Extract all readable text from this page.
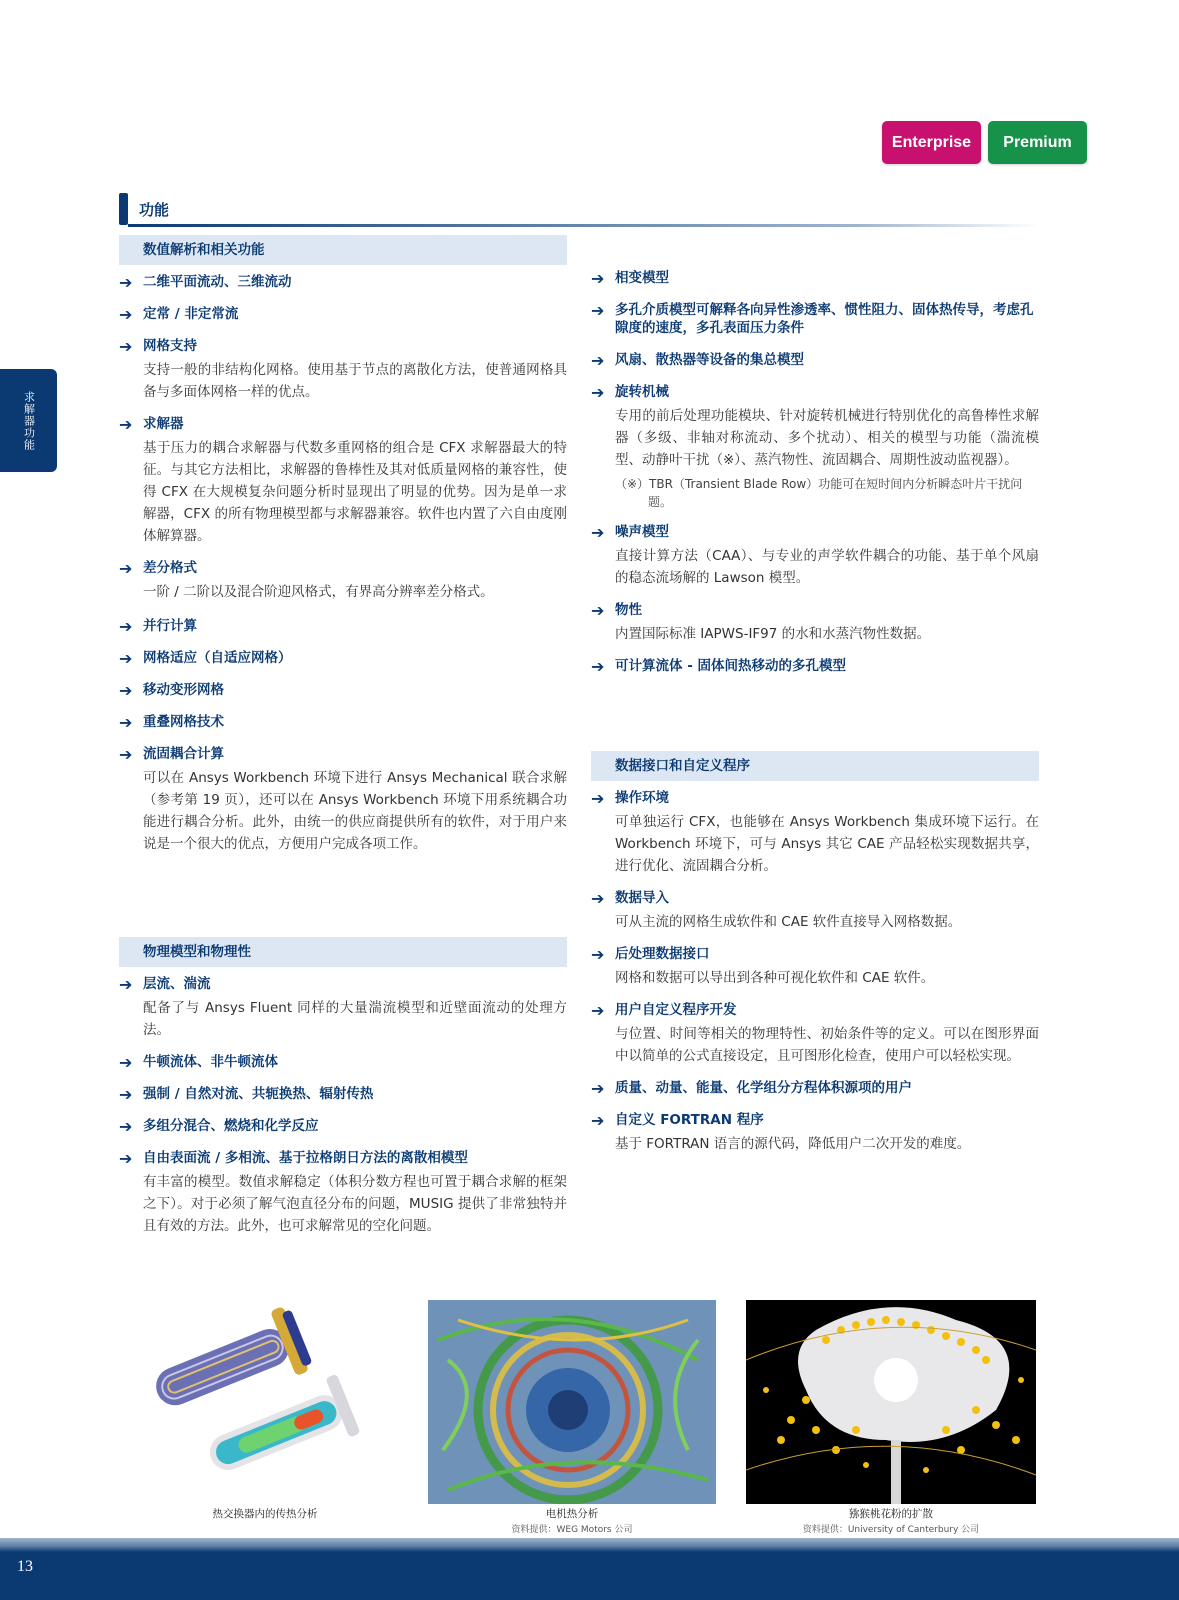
Enterprise	Premium
功能
求解器功能
数值解析和相关功能
➔ 二维平面流动、三维流动
➔ 定常 / 非定常流
➔ 网格支持
支持一般的非结构化网格。使用基于节点的离散化方法，使普通网格具备与多面体网格一样的优点。
➔ 求解器
基于压力的耦合求解器与代数多重网格的组合是 CFX 求解器最大的特征。与其它方法相比，求解器的鲁棒性及其对低质量网格的兼容性，使得 CFX 在大规模复杂问题分析时显现出了明显的优势。因为是单一求解器，CFX 的所有物理模型都与求解器兼容。软件也内置了六自由度刚体解算器。
➔ 差分格式
一阶 / 二阶以及混合阶迎风格式，有界高分辨率差分格式。
➔ 并行计算
➔ 网格适应（自适应网格）
➔ 移动变形网格
➔ 重叠网格技术
➔ 流固耦合计算
可以在 Ansys Workbench 环境下进行 Ansys Mechanical 联合求解（参考第 19 页），还可以在 Ansys Workbench 环境下用系统耦合功能进行耦合分析。此外，由统一的供应商提供所有的软件，对于用户来说是一个很大的优点，方便用户完成各项工作。
物理模型和物理性
➔ 层流、湍流
配备了与 Ansys Fluent 同样的大量湍流模型和近壁面流动的处理方法。
➔ 牛顿流体、非牛顿流体
➔ 强制 / 自然对流、共轭换热、辐射传热
➔ 多组分混合、燃烧和化学反应
➔ 自由表面流 / 多相流、基于拉格朗日方法的离散相模型
有丰富的模型。数值求解稳定（体积分数方程也可置于耦合求解的框架之下）。对于必须了解气泡直径分布的问题，MUSIG 提供了非常独特并且有效的方法。此外，也可求解常见的空化问题。
➔ 相变模型
➔ 多孔介质模型可解释各向异性渗透率、惯性阻力、固体热传导，考虑孔隙度的速度，多孔表面压力条件
➔ 风扇、散热器等设备的集总模型
➔ 旋转机械
专用的前后处理功能模块、针对旋转机械进行特别优化的高鲁棒性求解器（多级、非轴对称流动、多个扰动）、相关的模型与功能（湍流模型、动静叶干扰（※）、蒸汽物性、流固耦合、周期性波动监视器）。
（※）TBR（Transient Blade Row）功能可在短时间内分析瞬态叶片干扰问题。
➔ 噪声模型
直接计算方法（CAA）、与专业的声学软件耦合的功能、基于单个风扇的稳态流场解的 Lawson 模型。
➔ 物性
内置国际标准 IAPWS-IF97 的水和水蒸汽物性数据。
➔ 可计算流体 - 固体间热移动的多孔模型
数据接口和自定义程序
➔ 操作环境
可单独运行 CFX，也能够在 Ansys Workbench 集成环境下运行。在 Workbench 环境下，可与 Ansys 其它 CAE 产品轻松实现数据共享，进行优化、流固耦合分析。
➔ 数据导入
可从主流的网格生成软件和 CAE 软件直接导入网格数据。
➔ 后处理数据接口
网格和数据可以导出到各种可视化软件和 CAE 软件。
➔ 用户自定义程序开发
与位置、时间等相关的物理特性、初始条件等的定义。可以在图形界面中以简单的公式直接设定，且可图形化检查，使用户可以轻松实现。
➔ 质量、动量、能量、化学组分方程体积源项的用户
➔ 自定义 FORTRAN 程序
基于 FORTRAN 语言的源代码，降低用户二次开发的难度。
热交换器内的传热分析	电机热分析
资料提供：WEG Motors 公司
猕猴桃花粉的扩散
资料提供：University of Canterbury 公司
13
